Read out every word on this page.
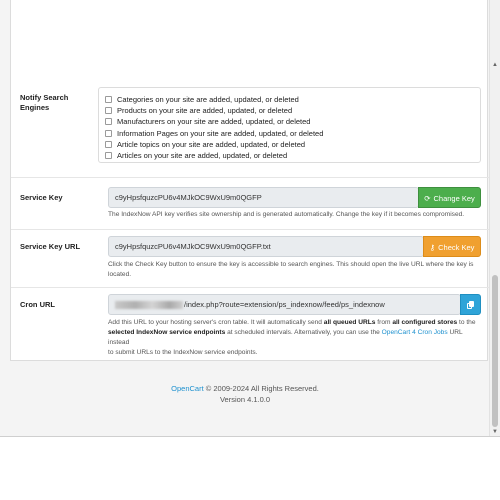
Notify Search
Engines
Categories on your site are added, updated, or deleted
Products on your site are added, updated, or deleted
Manufacturers on your site are added, updated, or deleted
Information Pages on your site are added, updated, or deleted
Article topics on your site are added, updated, or deleted
Articles on your site are added, updated, or deleted
Service Key	c9yHpsfquzcPU6v4MJkOC9WxU9m0QGFP	⟳ Change Key
The IndexNow API key verifies site ownership and is generated automatically. Change the key if it becomes compromised.
Service Key URL	c9yHpsfquzcPU6v4MJkOC9WxU9m0QGFP.txt	⚷ Check Key
Click the Check Key button to ensure the key is accessible to search engines. This should open the live URL where the key is
located.
Cron URL	/index.php?route=extension/ps_indexnow/feed/ps_indexnow
Add this URL to your hosting server's cron table. It will automatically send all queued URLs from all configured stores to the
selected IndexNow service endpoints at scheduled intervals. Alternatively, you can use the OpenCart 4 Cron Jobs URL instead
to submit URLs to the IndexNow service endpoints.
OpenCart © 2009-2024 All Rights Reserved.
Version 4.1.0.0
▲
▼
